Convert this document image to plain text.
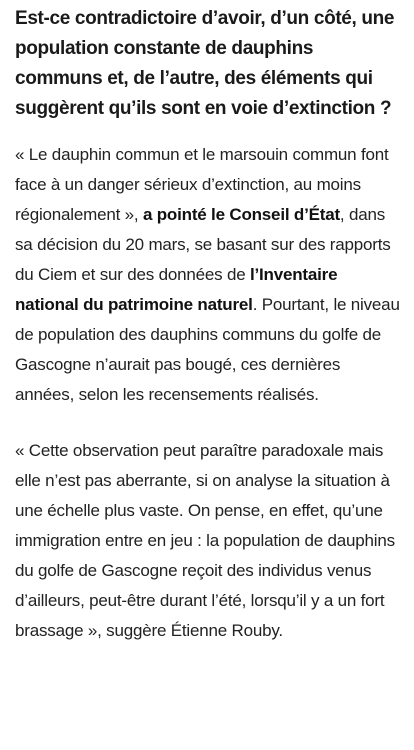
Est-ce contradictoire d’avoir, d’un côté, une population constante de dauphins communs et, de l’autre, des éléments qui suggèrent qu’ils sont en voie d’extinction ?

« Le dauphin commun et le marsouin commun font face à un danger sérieux d’extinction, au moins régionalement », a pointé le Conseil d’État, dans sa décision du 20 mars, se basant sur des rapports du Ciem et sur des données de l’Inventaire national du patrimoine naturel. Pourtant, le niveau de population des dauphins communs du golfe de Gascogne n’aurait pas bougé, ces dernières années, selon les recensements réalisés.

« Cette observation peut paraître paradoxale mais elle n’est pas aberrante, si on analyse la situation à une échelle plus vaste. On pense, en effet, qu’une immigration entre en jeu : la population de dauphins du golfe de Gascogne reçoit des individus venus d’ailleurs, peut-être durant l’été, lorsqu’il y a un fort brassage », suggère Étienne Rouby.
